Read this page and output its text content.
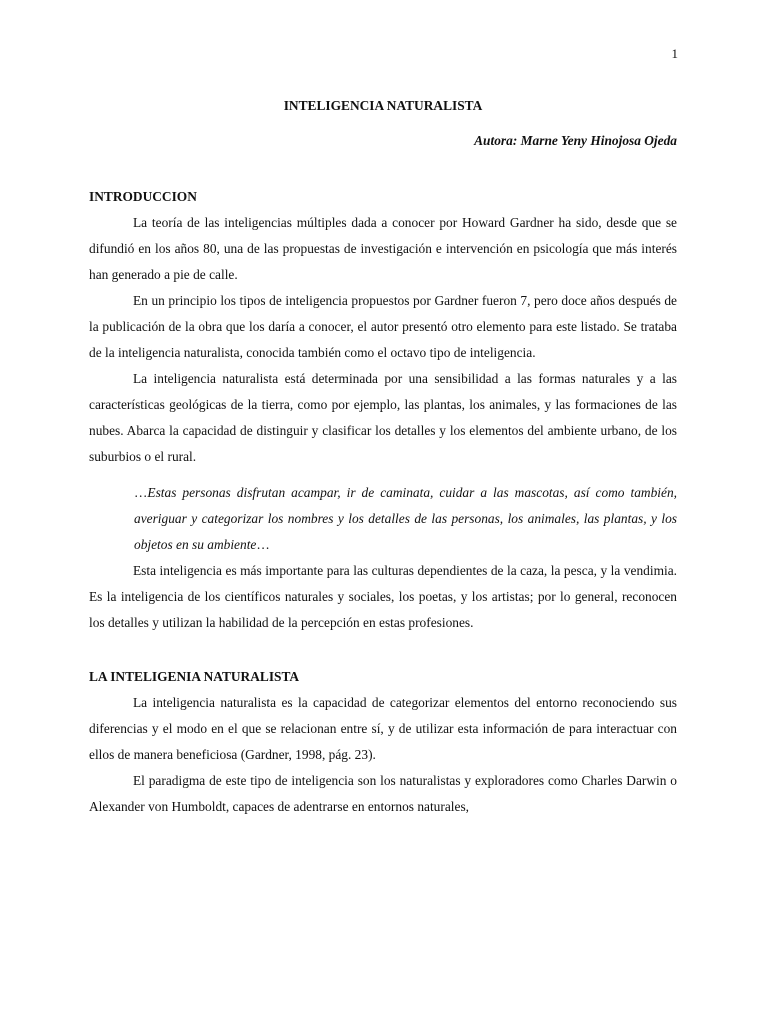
1
INTELIGENCIA NATURALISTA
Autora: Marne Yeny Hinojosa Ojeda
INTRODUCCION

La teoría de las inteligencias múltiples dada a conocer por Howard Gardner ha sido, desde que se difundió en los años 80, una de las propuestas de investigación e intervención en psicología que más interés han generado a pie de calle.

En un principio los tipos de inteligencia propuestos por Gardner fueron 7, pero doce años después de la publicación de la obra que los daría a conocer, el autor presentó otro elemento para este listado. Se trataba de la inteligencia naturalista, conocida también como el octavo tipo de inteligencia.

La inteligencia naturalista está determinada por una sensibilidad a las formas naturales y a las características geológicas de la tierra, como por ejemplo, las plantas, los animales, y las formaciones de las nubes. Abarca la capacidad de distinguir y clasificar los detalles y los elementos del ambiente urbano, de los suburbios o el rural.

…Estas personas disfrutan acampar, ir de caminata, cuidar a las mascotas, así como también, averiguar y categorizar los nombres y los detalles de las personas, los animales, las plantas, y los objetos en su ambiente…

Esta inteligencia es más importante para las culturas dependientes de la caza, la pesca, y la vendimia. Es la inteligencia de los científicos naturales y sociales, los poetas, y los artistas; por lo general, reconocen los detalles y utilizan la habilidad de la percepción en estas profesiones.

LA INTELIGENIA NATURALISTA

La inteligencia naturalista es la capacidad de categorizar elementos del entorno reconociendo sus diferencias y el modo en el que se relacionan entre sí, y de utilizar esta información de para interactuar con ellos de manera beneficiosa (Gardner, 1998, pág. 23).

El paradigma de este tipo de inteligencia son los naturalistas y exploradores como Charles Darwin o Alexander von Humboldt, capaces de adentrarse en entornos naturales,
